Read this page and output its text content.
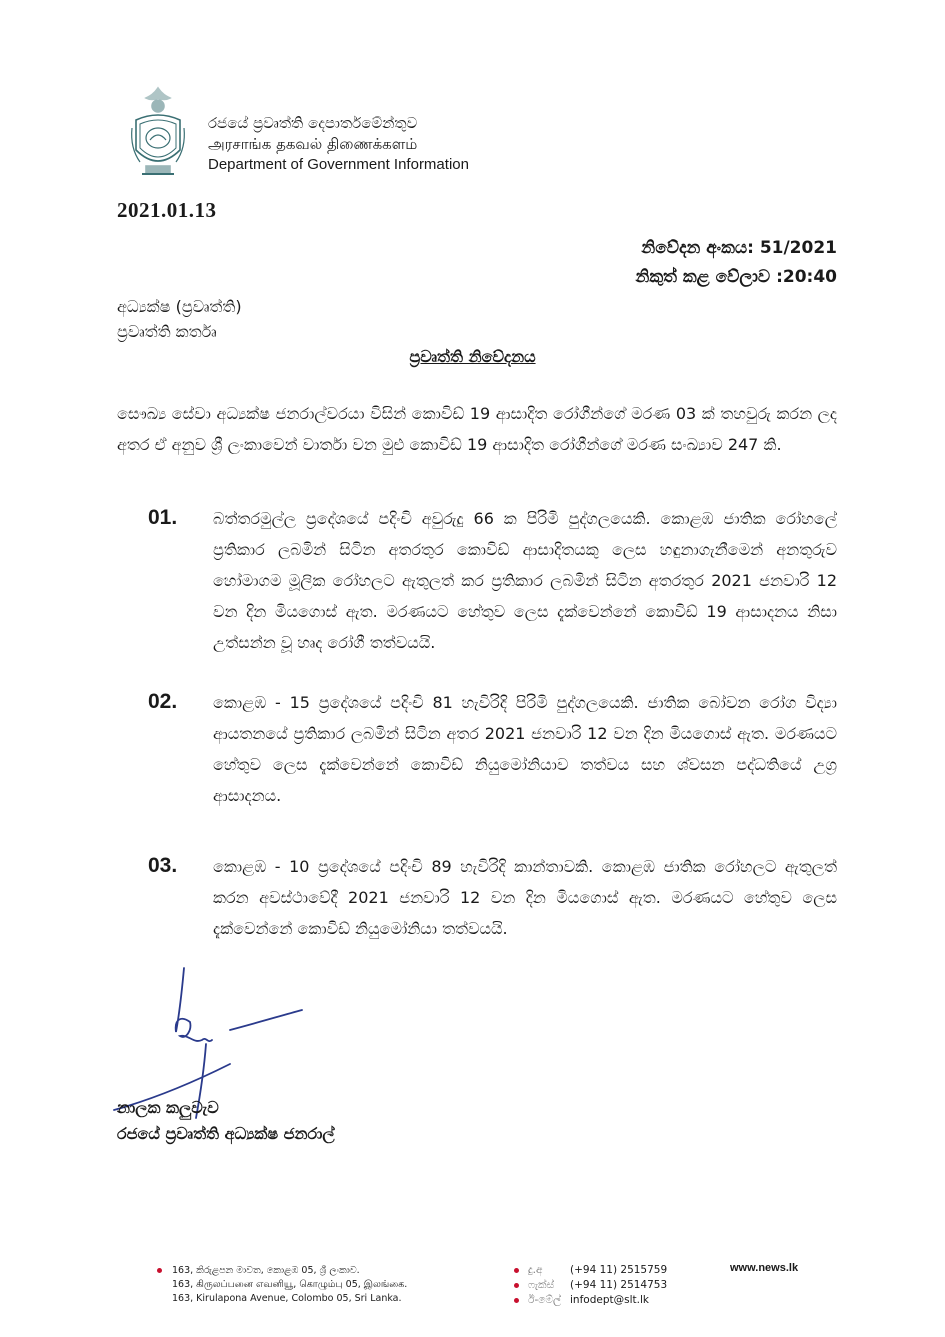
රජයේ ප්‍රවෘත්ති දෙපාර්තමේන්තුව
அரசாங்க தகவல் திணைக்களம்
Department of Government Information
2021.01.13
නිවේදන අංකය: 51/2021
නිකුත් කළ වේලාව :20:40
අධ්‍යක්ෂ (ප්‍රවෘත්ති)
ප්‍රවෘත්ති කර්තෘ
ප්‍රවෘත්ති නිවේදනය
සෞඛ්‍ය සේවා අධ්‍යක්ෂ ජනරාල්වරයා විසින් කොවිඩ් 19 ආසාදිත රෝගීන්ගේ මරණ 03 ක් තහවුරු කරන ලද අතර ඒ අනුව ශ්‍රී ලංකාවෙන් වාර්තා වන මුළු කොවිඩ් 19 ආසාදිත රෝගීන්ගේ මරණ සංඛ්‍යාව 247 කි.
01. බත්තරමුල්ල ප්‍රදේශයේ පදිංචි අවුරුදු 66 ක පිරිමි පුද්ගලයෙකි. කොළඹ ජාතික රෝහලේ ප්‍රතිකාර ලබමින් සිටින අතරතුර කොවිඩ් ආසාදිතයකු ලෙස හඳුනාගැනීමෙන් අනතුරුව හෝමාගම මූලික රෝහලට ඇතුලත් කර ප්‍රතිකාර ලබමින් සිටින අතරතුර 2021 ජනවාරි 12 වන දින මියගොස් ඇත. මරණයට හේතුව ලෙස දැක්වෙන්නේ කොවිඩ් 19 ආසාදනය නිසා උත්සන්න වූ හෘද රෝගී තත්වයයි.
02. කොළඹ - 15 ප්‍රදේශයේ පදිංචි 81 හැවිරිදි පිරිමි පුද්ගලයෙකි. ජාතික බෝවන රෝග විද්‍යා ආයතනයේ ප්‍රතිකාර ලබමින් සිටින අතර 2021 ජනවාරි 12 වන දින මියගොස් ඇත. මරණයට හේතුව ලෙස දැක්වෙන්නේ කොවිඩ් නියුමෝනියාව තත්වය සහ ශ්වසන පද්ධතියේ උග්‍ර ආසාදනය.
03. කොළඹ - 10 ප්‍රදේශයේ පදිංචි 89 හැවිරිදි කාන්තාවකි. කොළඹ ජාතික රෝහලට ඇතුලත් කරන අවස්ථාවේදී 2021 ජනවාරි 12 වන දින මියගොස් ඇත. මරණයට හේතුව ලෙස දැක්වෙන්නේ කොවිඩ් නියුමෝනියා තත්වයයි.
නාලක කලුවැව
රජයේ ප්‍රවෘත්ති අධ්‍යක්ෂ ජනරාල්
163, කිරුළපන මාවත, කොළඹ 05, ශ්‍රී ලංකාව.
163, கிருலப்பனை எவனியூ, கொழும்பு 05, இலங்கை.
163, Kirulapona Avenue, Colombo 05, Sri Lanka.
දු.අ	(+94 11) 2515759
ෆැක්ස්	(+94 11) 2514753
ඊ-මේල් infodept@slt.lk
www.news.lk
